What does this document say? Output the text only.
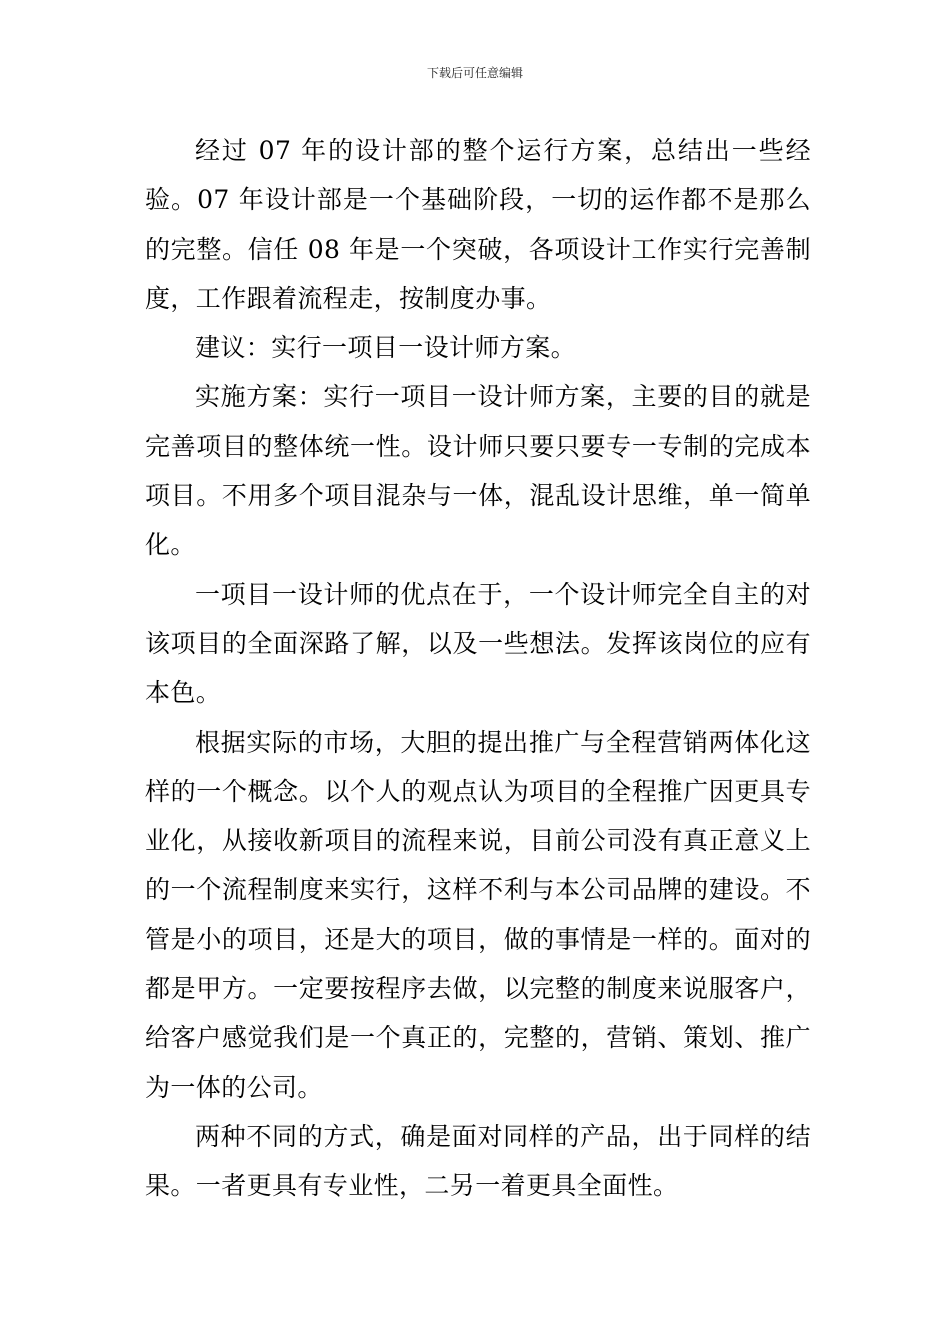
下载后可任意编辑

经过 07 年的设计部的整个运行方案，总结出一些经验。07 年设计部是一个基础阶段，一切的运作都不是那么的完整。信任 08 年是一个突破，各项设计工作实行完善制度，工作跟着流程走，按制度办事。

建议：实行一项目一设计师方案。

实施方案：实行一项目一设计师方案，主要的目的就是完善项目的整体统一性。设计师只要只要专一专制的完成本项目。不用多个项目混杂与一体，混乱设计思维，单一简单化。

一项目一设计师的优点在于，一个设计师完全自主的对该项目的全面深路了解，以及一些想法。发挥该岗位的应有本色。

根据实际的市场，大胆的提出推广与全程营销两体化这样的一个概念。以个人的观点认为项目的全程推广因更具专业化，从接收新项目的流程来说，目前公司没有真正意义上的一个流程制度来实行，这样不利与本公司品牌的建设。不管是小的项目，还是大的项目，做的事情是一样的。面对的都是甲方。一定要按程序去做，以完整的制度来说服客户，给客户感觉我们是一个真正的，完整的，营销、策划、推广为一体的公司。

两种不同的方式，确是面对同样的产品，出于同样的结果。一者更具有专业性，二另一着更具全面性。
